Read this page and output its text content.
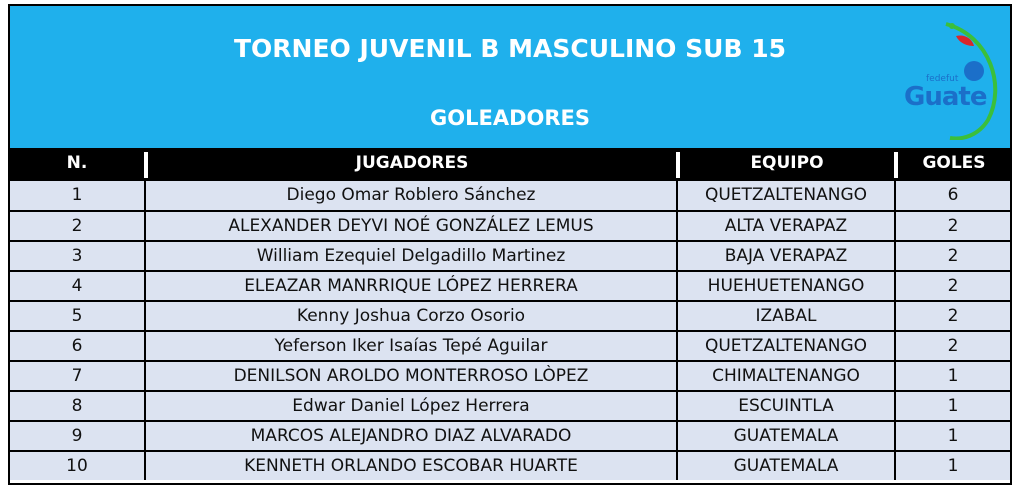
TORNEO JUVENIL B MASCULINO SUB 15
GOLEADORES
fedefut
Guate
N.	JUGADORES	EQUIPO	GOLES
1	Diego Omar Roblero Sánchez	QUETZALTENANGO	6
2	ALEXANDER DEYVI NOÉ GONZÁLEZ LEMUS	ALTA VERAPAZ	2
3	William Ezequiel Delgadillo Martinez	BAJA VERAPAZ	2
4	ELEAZAR MANRRIQUE LÓPEZ HERRERA	HUEHUETENANGO	2
5	Kenny Joshua Corzo Osorio	IZABAL	2
6	Yeferson Iker Isaías Tepé Aguilar	QUETZALTENANGO	2
7	DENILSON AROLDO MONTERROSO LÒPEZ	CHIMALTENANGO	1
8	Edwar Daniel López Herrera	ESCUINTLA	1
9	MARCOS ALEJANDRO DIAZ ALVARADO	GUATEMALA	1
10	KENNETH ORLANDO ESCOBAR HUARTE	GUATEMALA	1
